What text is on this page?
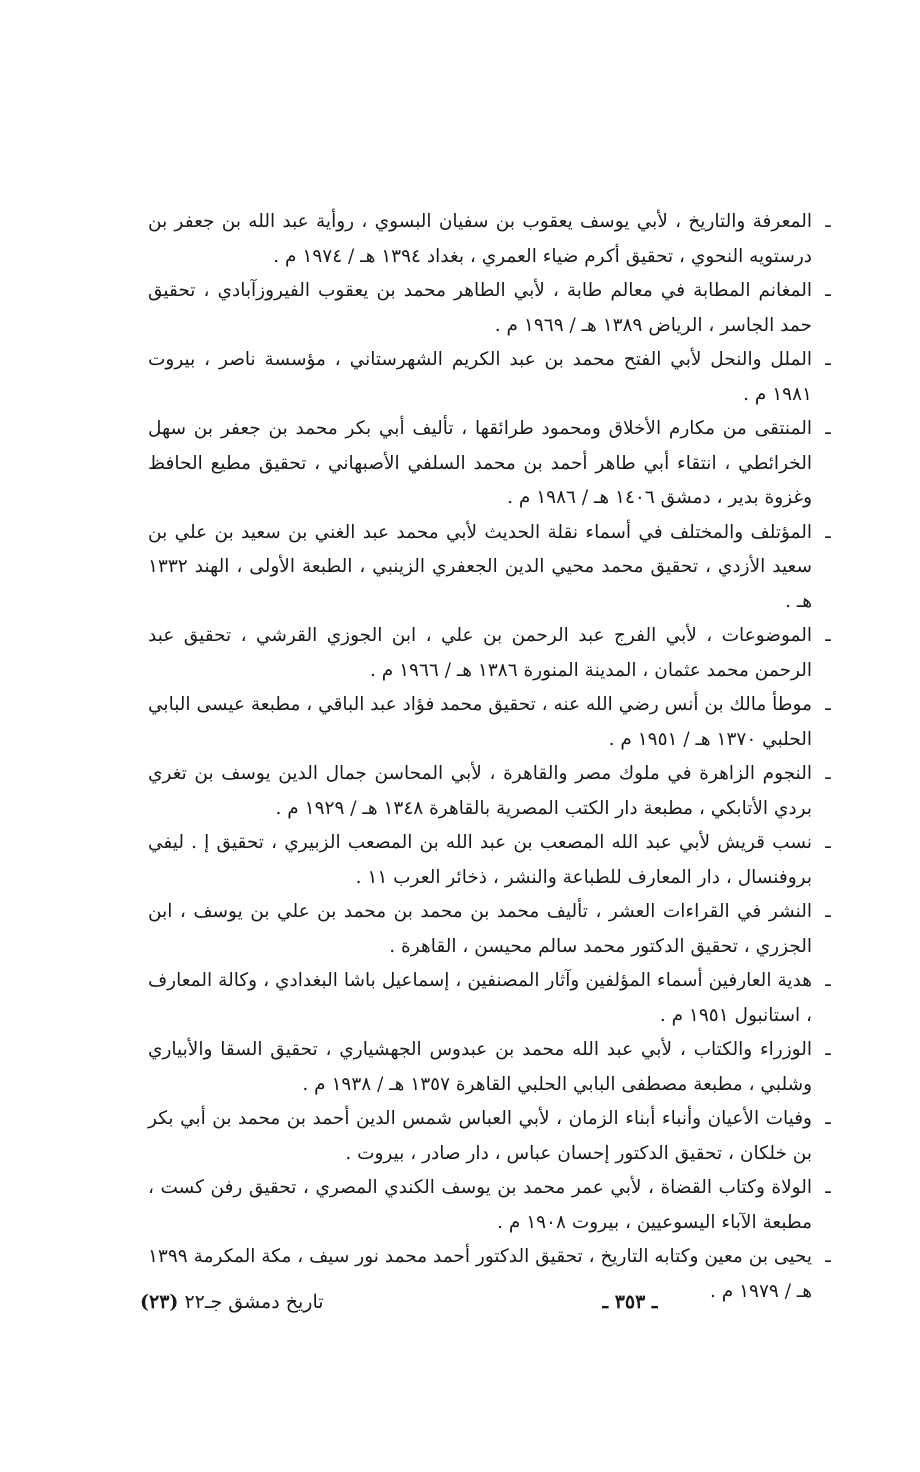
ـ
المعرفة والتاريخ ، لأبي يوسف يعقوب بن سفيان البسوي ، روأية عبد الله بن جعفر بن درستويه النحوي ، تحقيق أكرم ضياء العمري ، بغداد ١٣٩٤ هـ / ١٩٧٤ م .

ـ
المغانم المطابة في معالم طابة ، لأبي الطاهر محمد بن يعقوب الفيروزآبادي ، تحقيق حمد الجاسر ، الرياض ١٣٨٩ هـ / ١٩٦٩ م .

ـ
الملل والنحل لأبي الفتح محمد بن عبد الكريم الشهرستاني ، مؤسسة ناصر ، بيروت ١٩٨١ م .

ـ
المنتقى من مكارم الأخلاق ومحمود طرائقها ، تأليف أبي بكر محمد بن جعفر بن سهل الخرائطي ، انتقاء أبي طاهر أحمد بن محمد السلفي الأصبهاني ، تحقيق مطيع الحافظ وغزوة بدير ، دمشق ١٤٠٦ هـ / ١٩٨٦ م .

ـ
المؤتلف والمختلف في أسماء نقلة الحديث لأبي محمد عبد الغني بن سعيد بن علي بن سعيد الأزدي ، تحقيق محمد محيي الدين الجعفري الزينبي ، الطبعة الأولى ، الهند ١٣٣٢ هـ .

ـ
الموضوعات ، لأبي الفرج عبد الرحمن بن علي ، ابن الجوزي القرشي ، تحقيق عبد الرحمن محمد عثمان ، المدينة المنورة ١٣٨٦ هـ / ١٩٦٦ م .

ـ
موطأ مالك بن أنس رضي الله عنه ، تحقيق محمد فؤاد عبد الباقي ، مطبعة عيسى البابي الحلبي ١٣٧٠ هـ / ١٩٥١ م .

ـ
النجوم الزاهرة في ملوك مصر والقاهرة ، لأبي المحاسن جمال الدين يوسف بن تغري بردي الأتابكي ، مطبعة دار الكتب المصرية بالقاهرة ١٣٤٨ هـ / ١٩٢٩ م .

ـ
نسب قريش لأبي عبد الله المصعب بن عبد الله بن المصعب الزبيري ، تحقيق إ . ليفي بروفنسال ، دار المعارف للطباعة والنشر ، ذخائر العرب ١١ .

ـ
النشر في القراءات العشر ، تأليف محمد بن محمد بن محمد بن علي بن يوسف ، ابن الجزري ، تحقيق الدكتور محمد سالم محيسن ، القاهرة .

ـ
هدية العارفين أسماء المؤلفين وآثار المصنفين ، إسماعيل باشا البغدادي ، وكالة المعارف ، استانبول ١٩٥١ م .

ـ
الوزراء والكتاب ، لأبي عبد الله محمد بن عبدوس الجهشياري ، تحقيق السقا والأبياري وشلبي ، مطبعة مصطفى البابي الحلبي القاهرة ١٣٥٧ هـ / ١٩٣٨ م .

ـ
وفيات الأعيان وأنباء أبناء الزمان ، لأبي العباس شمس الدين أحمد بن محمد بن أبي بكر بن خلكان ، تحقيق الدكتور إحسان عباس ، دار صادر ، بيروت .

ـ
الولاة وكتاب القضاة ، لأبي عمر محمد بن يوسف الكندي المصري ، تحقيق رفن كست ، مطبعة الآباء اليسوعيين ، بيروت ١٩٠٨ م .

ـ
يحيى بن معين وكتابه التاريخ ، تحقيق الدكتور أحمد محمد نور سيف ، مكة المكرمة ١٣٩٩ هـ / ١٩٧٩ م .

ـ ٣٥٣ ـ
تاريخ دمشق جـ٢٢ (٢٣)
